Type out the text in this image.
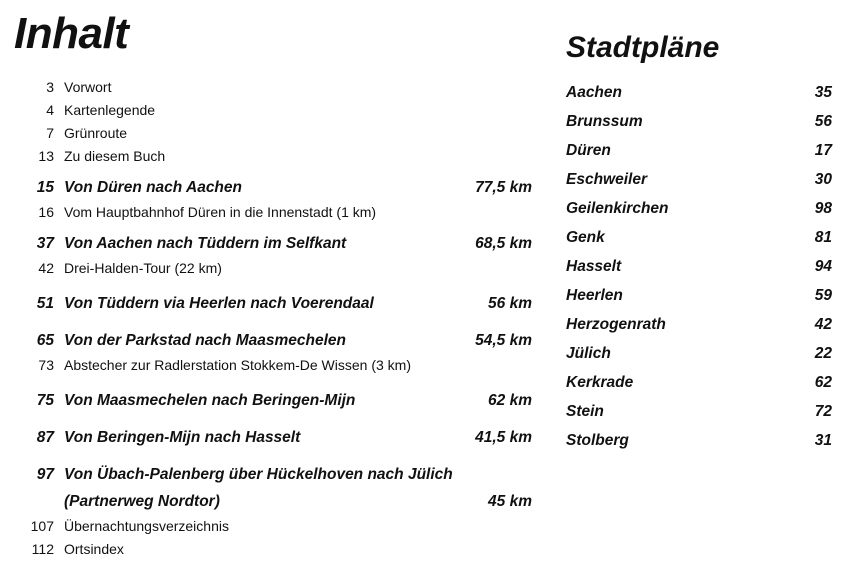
Inhalt
3 Vorwort
4 Kartenlegende
7 Grünroute
13 Zu diesem Buch
15 Von Düren nach Aachen	77,5 km
16 Vom Hauptbahnhof Düren in die Innenstadt (1 km)
37 Von Aachen nach Tüddern im Selfkant	68,5 km
42 Drei-Halden-Tour (22 km)
51 Von Tüddern via Heerlen nach Voerendaal	56 km
65 Von der Parkstad nach Maasmechelen	54,5 km
73 Abstecher zur Radlerstation Stokkem-De Wissen (3 km)
75 Von Maasmechelen nach Beringen-Mijn	62 km
87 Von Beringen-Mijn nach Hasselt	41,5 km
97 Von Übach-Palenberg über Hückelhoven nach Jülich
(Partnerweg Nordtor)	45 km
107 Übernachtungsverzeichnis
112 Ortsindex
Stadtpläne
Aachen	35
Brunssum	56
Düren	17
Eschweiler	30
Geilenkirchen	98
Genk	81
Hasselt	94
Heerlen	59
Herzogenrath	42
Jülich	22
Kerkrade	62
Stein	72
Stolberg	31
